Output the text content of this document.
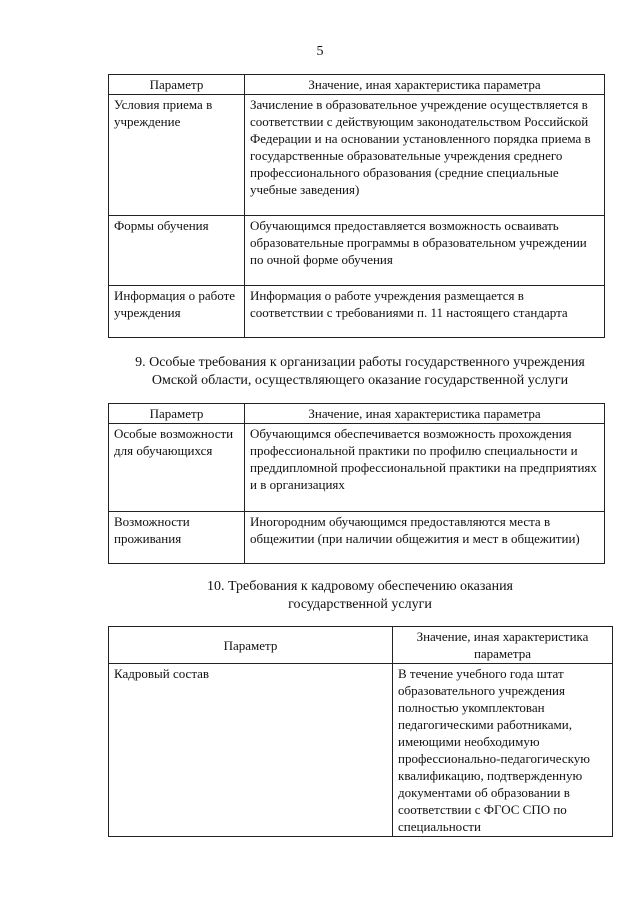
5
Параметр	Значение, иная характеристика параметра
Условия приема в учреждение	Зачисление в образовательное учреждение осуществляется в соответствии с действующим законодательством Российской Федерации и на основании установленного порядка приема в государственные образовательные учреждения среднего профессионального образования (средние специальные учебные заведения)
Формы обучения	Обучающимся предоставляется возможность осваивать образовательные программы в образовательном учреждении по очной форме обучения
Информация о работе учреждения	Информация о работе учреждения размещается в соответствии с требованиями п. 11 настоящего стандарта
9. Особые требования к организации работы государственного учреждения
Омской области, осуществляющего оказание государственной услуги
Параметр	Значение, иная характеристика параметра
Особые возможности для обучающихся	Обучающимся обеспечивается возможность прохождения профессиональной практики по профилю специальности и преддипломной профессиональной практики на предприятиях и в организациях
Возможности проживания	Иногородним обучающимся предоставляются места в общежитии (при наличии общежития и мест в общежитии)
10. Требования к кадровому обеспечению оказания
государственной услуги
Параметр	Значение, иная характеристика параметра
Кадровый состав	В течение учебного года штат образовательного учреждения полностью укомплектован педагогическими работниками, имеющими необходимую профессионально-педагогическую квалификацию, подтвержденную документами об образовании в соответствии с ФГОС СПО по специальности
